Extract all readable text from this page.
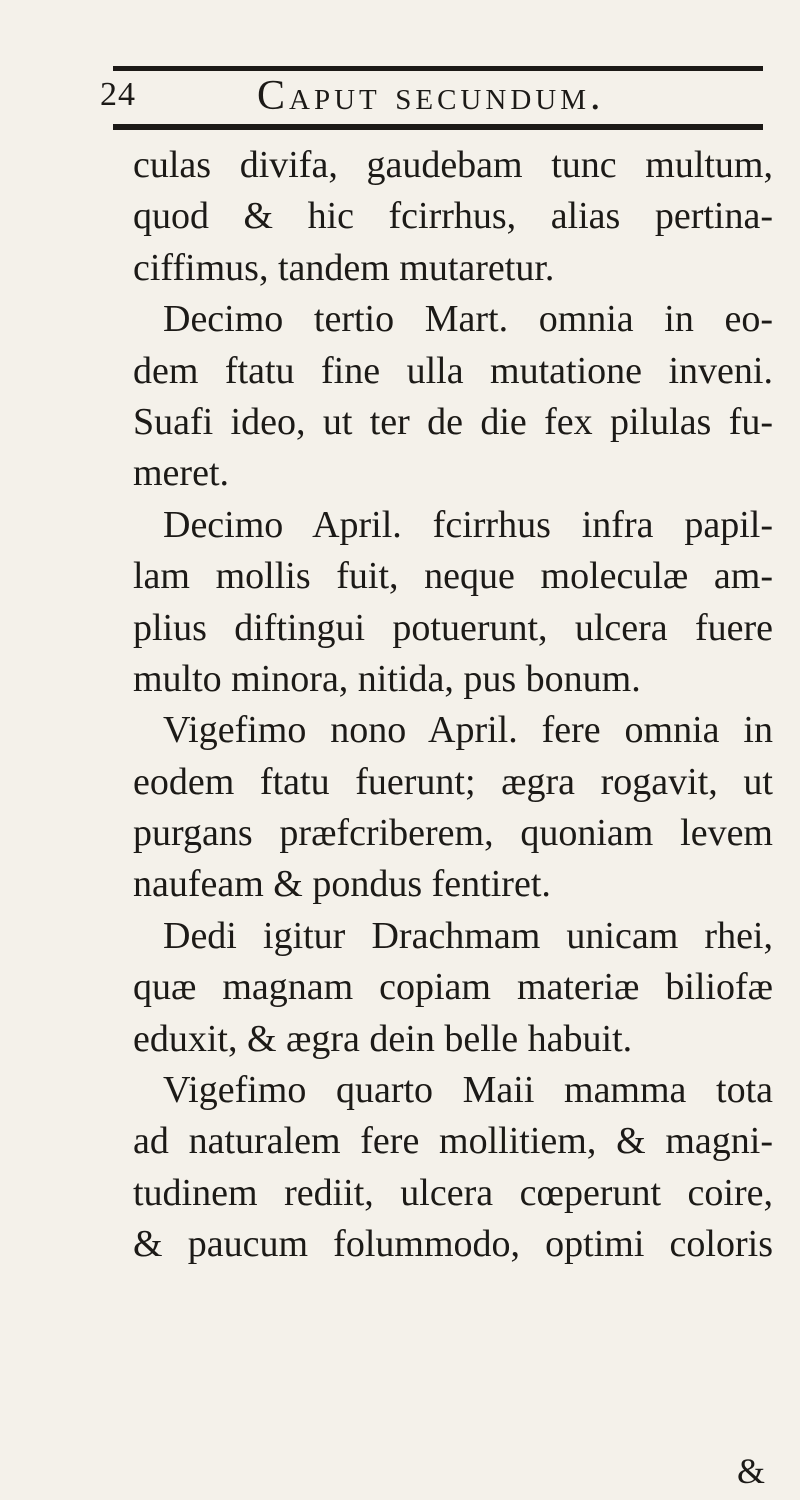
24	Caput secundum.
culas divifa, gaudebam tunc multum,
quod & hic fcirrhus, alias pertina-
ciffimus, tandem mutaretur.
Decimo tertio Mart. omnia in eo-
dem ftatu fine ulla mutatione inveni.
Suafi ideo, ut ter de die fex pilulas fu-
meret.
Decimo April. fcirrhus infra papil-
lam mollis fuit, neque moleculæ am-
plius diftingui potuerunt, ulcera fuere
multo minora, nitida, pus bonum.
Vigefimo nono April. fere omnia in
eodem ftatu fuerunt; ægra rogavit, ut
purgans præfcriberem, quoniam levem
naufeam & pondus fentiret.
Dedi igitur Drachmam unicam rhei,
quæ magnam copiam materiæ biliofæ
eduxit, & ægra dein belle habuit.
Vigefimo quarto Maii mamma tota
ad naturalem fere mollitiem, & magni-
tudinem rediit, ulcera cœperunt coire,
& paucum folummodo, optimi coloris
&
